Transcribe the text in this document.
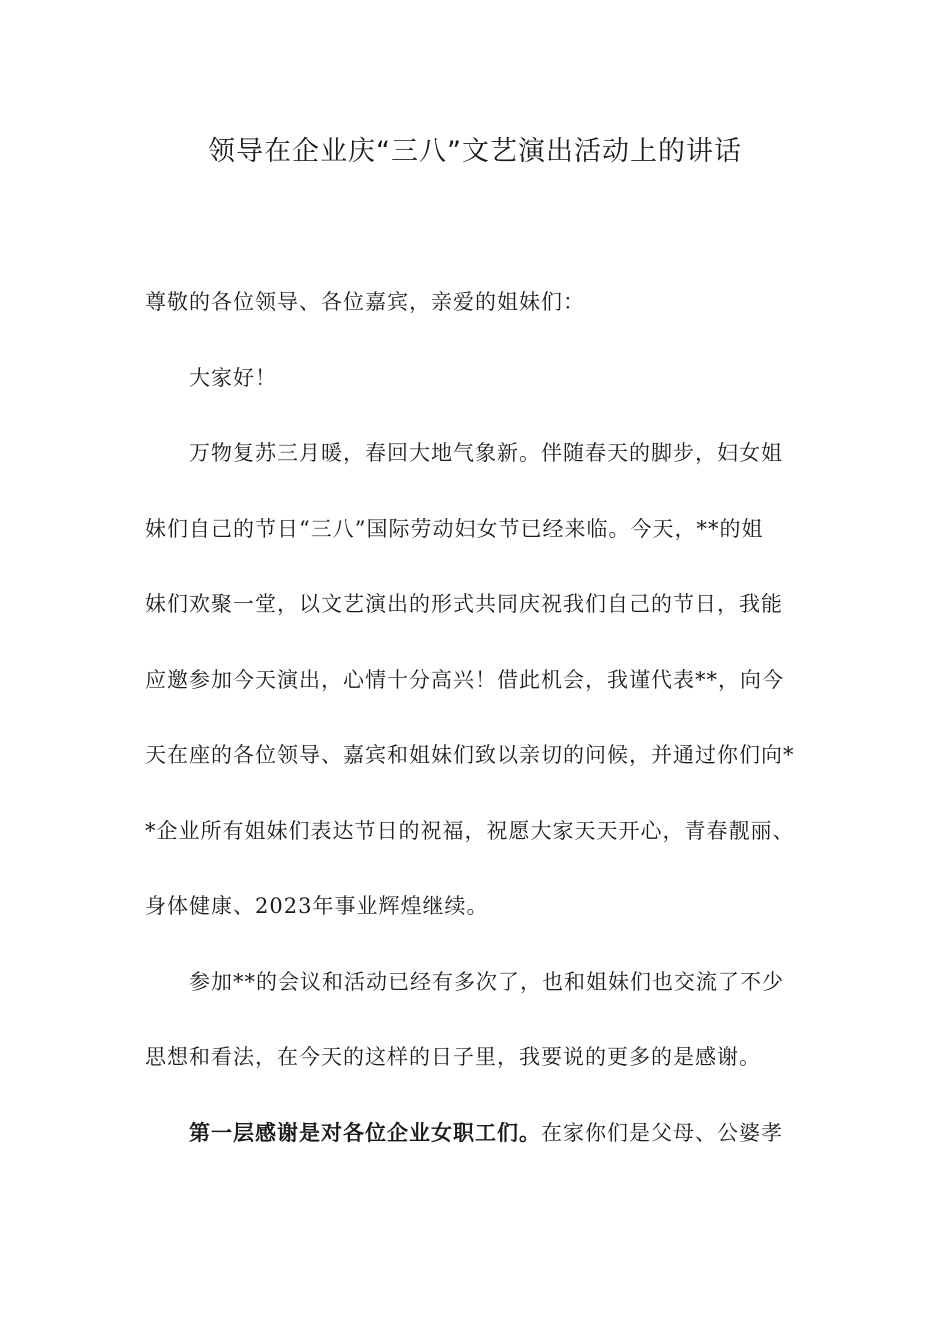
领导在企业庆“三八”文艺演出活动上的讲话
尊敬的各位领导、各位嘉宾，亲爱的姐妹们：
大家好！
万物复苏三月暖，春回大地气象新。伴随春天的脚步，妇女姐
妹们自己的节日“三八”国际劳动妇女节已经来临。今天，**的姐
妹们欢聚一堂，以文艺演出的形式共同庆祝我们自己的节日，我能
应邀参加今天演出，心情十分高兴！借此机会，我谨代表**，向今
天在座的各位领导、嘉宾和姐妹们致以亲切的问候，并通过你们向*
*企业所有姐妹们表达节日的祝福，祝愿大家天天开心，青春靓丽、
身体健康、2023年事业辉煌继续。
参加**的会议和活动已经有多次了，也和姐妹们也交流了不少
思想和看法，在今天的这样的日子里，我要说的更多的是感谢。
第一层感谢是对各位企业女职工们。在家你们是父母、公婆孝
